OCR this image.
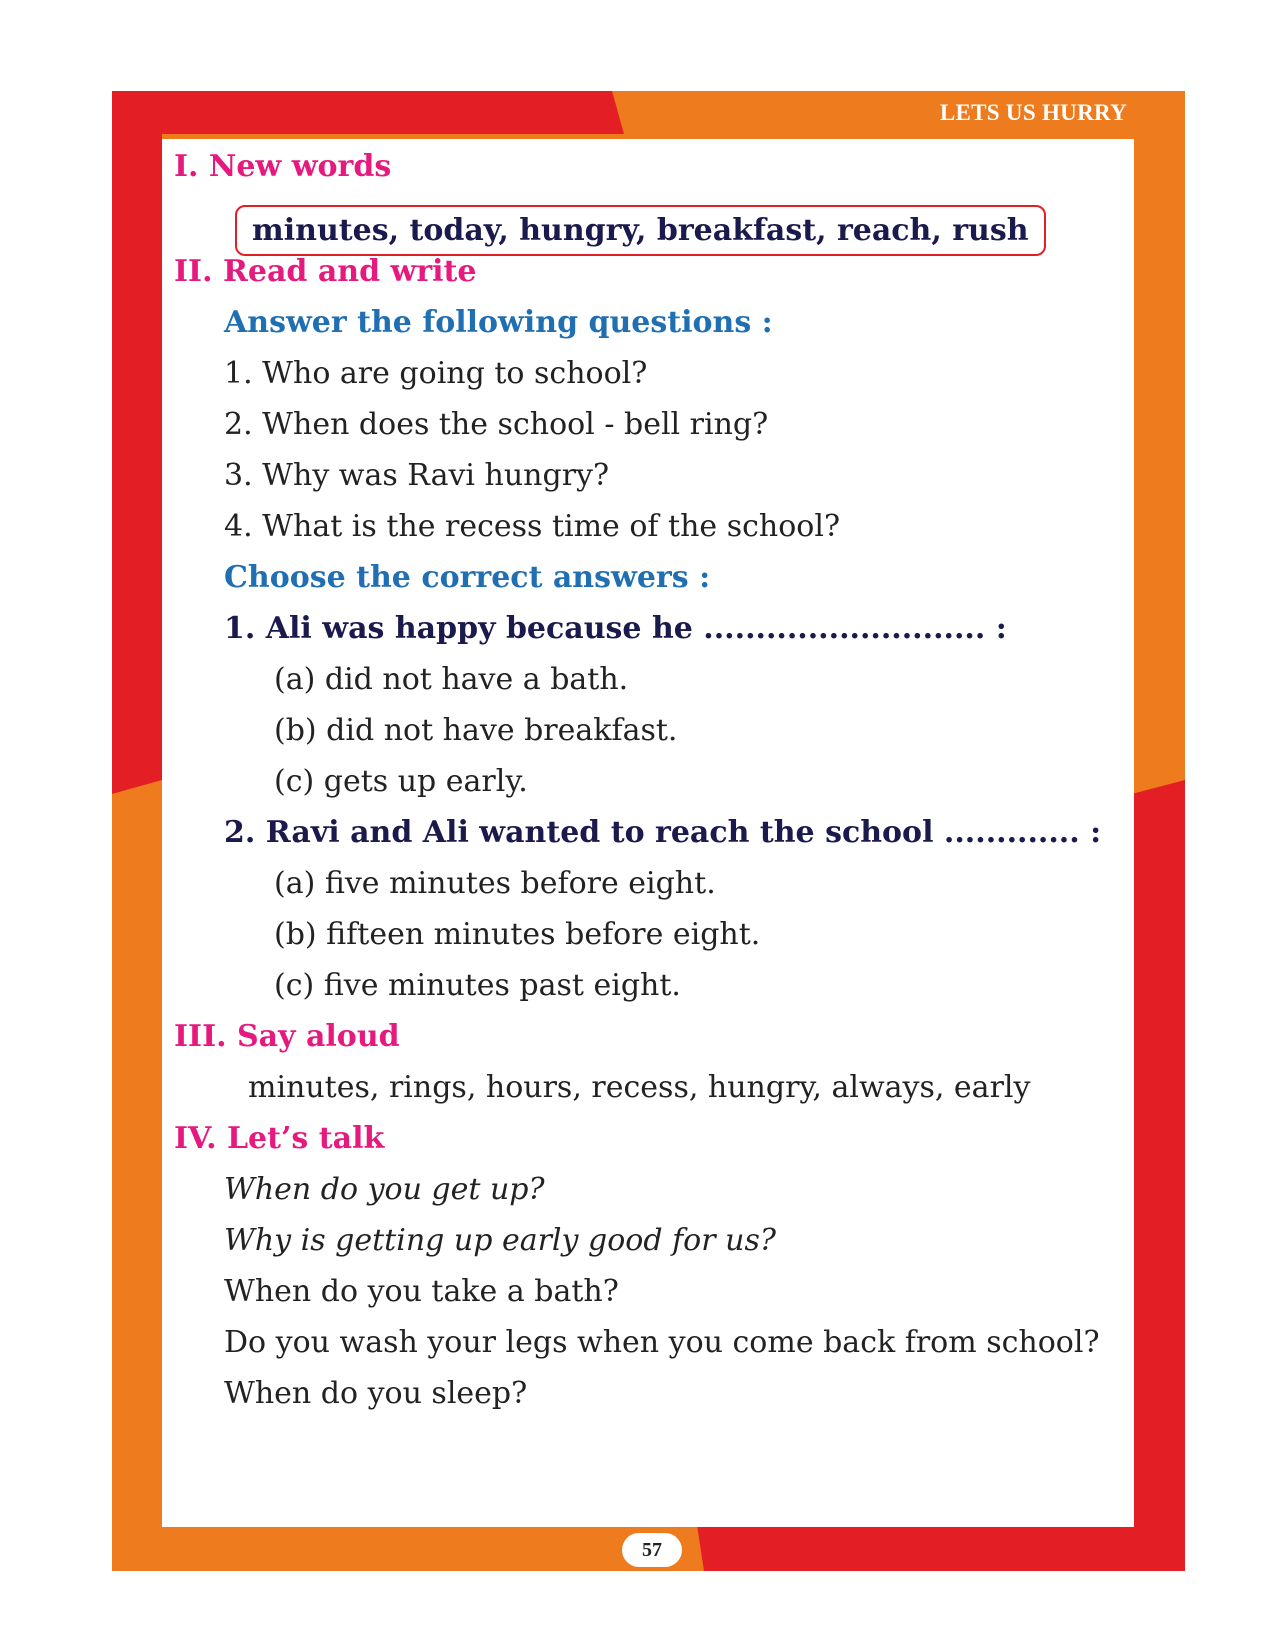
LETS US HURRY
I. New words
minutes, today, hungry, breakfast, reach, rush
II. Read and write
Answer the following questions :
1. Who are going to school?
2. When does the school - bell ring?
3. Why was Ravi hungry?
4. What is the recess time of the school?
Choose the correct answers :
1. Ali was happy because he ........................... :
(a) did not have a bath.
(b) did not have breakfast.
(c) gets up early.
2. Ravi and Ali wanted to reach the school ............. :
(a) five minutes before eight.
(b) fifteen minutes before eight.
(c) five minutes past eight.
III. Say aloud
minutes, rings, hours, recess, hungry, always, early
IV. Let’s talk
When do you get up?
Why is getting up early good for us?
When do you take a bath?
Do you wash your legs when you come back from school?
When do you sleep?
57
